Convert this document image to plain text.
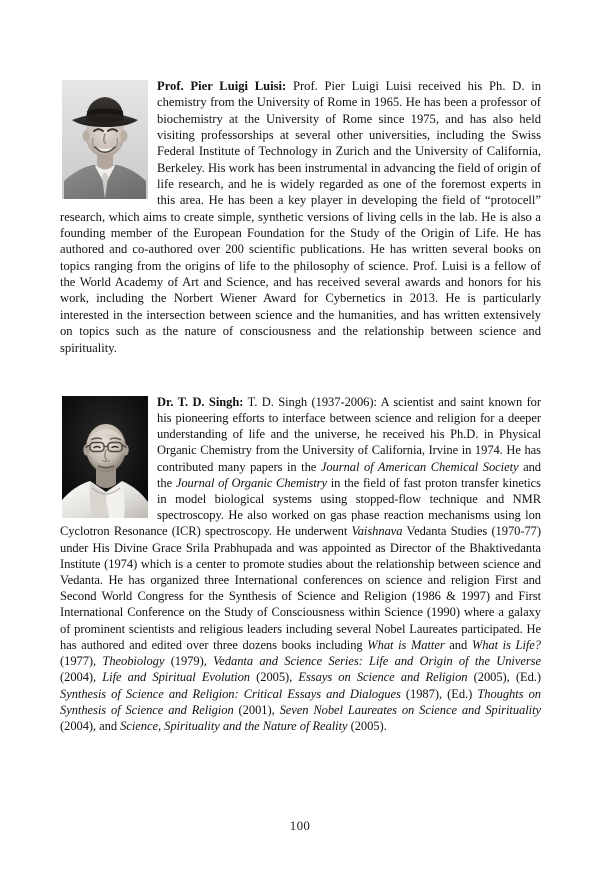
Prof. Pier Luigi Luisi: Prof. Pier Luigi Luisi received his Ph. D. in chemistry from the University of Rome in 1965. He has been a professor of biochemistry at the University of Rome since 1975, and has also held visiting professorships at several other universities, including the Swiss Federal Institute of Technology in Zurich and the University of California, Berkeley. His work has been instrumental in advancing the field of origin of life research, and he is widely regarded as one of the foremost experts in this area. He has been a key player in developing the field of “protocell” research, which aims to create simple, synthetic versions of living cells in the lab. He is also a founding member of the European Foundation for the Study of the Origin of Life. He has authored and co-authored over 200 scientific publications. He has written several books on topics ranging from the origins of life to the philosophy of science. Prof. Luisi is a fellow of the World Academy of Art and Science, and has received several awards and honors for his work, including the Norbert Wiener Award for Cybernetics in 2013. He is particularly interested in the intersection between science and the humanities, and has written extensively on topics such as the nature of consciousness and the relationship between science and spirituality.

Dr. T. D. Singh: T. D. Singh (1937-2006): A scientist and saint known for his pioneering efforts to interface between science and religion for a deeper understanding of life and the universe, he received his Ph.D. in Physical Organic Chemistry from the University of California, Irvine in 1974. He has contributed many papers in the Journal of American Chemical Society and the Journal of Organic Chemistry in the field of fast proton transfer kinetics in model biological systems using stopped-flow technique and NMR spectroscopy. He also worked on gas phase reaction mechanisms using lon Cyclotron Resonance (ICR) spectroscopy. He underwent Vaishnava Vedanta Studies (1970-77) under His Divine Grace Srila Prabhupada and was appointed as Director of the Bhaktivedanta Institute (1974) which is a center to promote studies about the relationship between science and Vedanta. He has organized three International conferences on science and religion First and Second World Congress for the Synthesis of Science and Religion (1986 & 1997) and First International Conference on the Study of Consciousness within Science (1990) where a galaxy of prominent scientists and religious leaders including several Nobel Laureates participated. He has authored and edited over three dozens books including What is Matter and What is Life? (1977), Theobiology (1979), Vedanta and Science Series: Life and Origin of the Universe (2004), Life and Spiritual Evolution (2005), Essays on Science and Religion (2005), (Ed.) Synthesis of Science and Religion: Critical Essays and Dialogues (1987), (Ed.) Thoughts on Synthesis of Science and Religion (2001), Seven Nobel Laureates on Science and Spirituality (2004), and Science, Spirituality and the Nature of Reality (2005).

100
